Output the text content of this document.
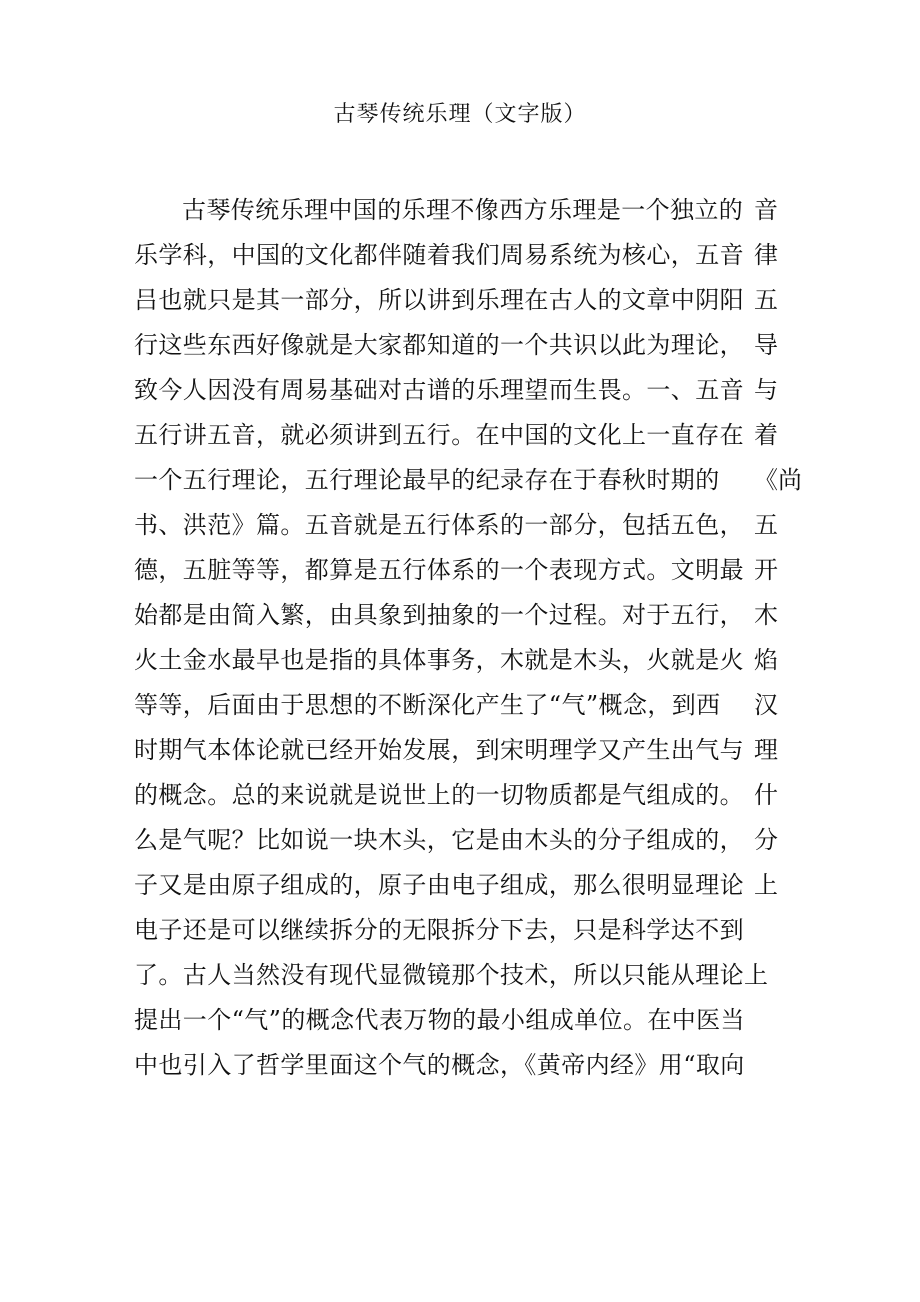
古琴传统乐理（文字版）
古琴传统乐理中国的乐理不像西方乐理是一个独立的 音
乐学科，中国的文化都伴随着我们周易系统为核心，五音 律
吕也就只是其一部分，所以讲到乐理在古人的文章中阴阳 五
行这些东西好像就是大家都知道的一个共识以此为理论， 导
致今人因没有周易基础对古谱的乐理望而生畏。一、五音 与
五行讲五音，就必须讲到五行。在中国的文化上一直存在 着
一个五行理论，五行理论最早的纪录存在于春秋时期的	《尚
书、洪范》篇。五音就是五行体系的一部分，包括五色， 五
德，五脏等等，都算是五行体系的一个表现方式。文明最 开
始都是由简入繁，由具象到抽象的一个过程。对于五行， 木
火土金水最早也是指的具体事务，木就是木头，火就是火 焰
等等，后面由于思想的不断深化产生了“气”概念，到西	汉
时期气本体论就已经开始发展，到宋明理学又产生出气与 理
的概念。总的来说就是说世上的一切物质都是气组成的。 什
么是气呢？比如说一块木头，它是由木头的分子组成的， 分
子又是由原子组成的，原子由电子组成，那么很明显理论 上
电子还是可以继续拆分的无限拆分下去，只是科学达不到
了。古人当然没有现代显微镜那个技术，所以只能从理论上
提出一个“气”的概念代表万物的最小组成单位。在中医当
中也引入了哲学里面这个气的概念，《黄帝内经》用“取向
